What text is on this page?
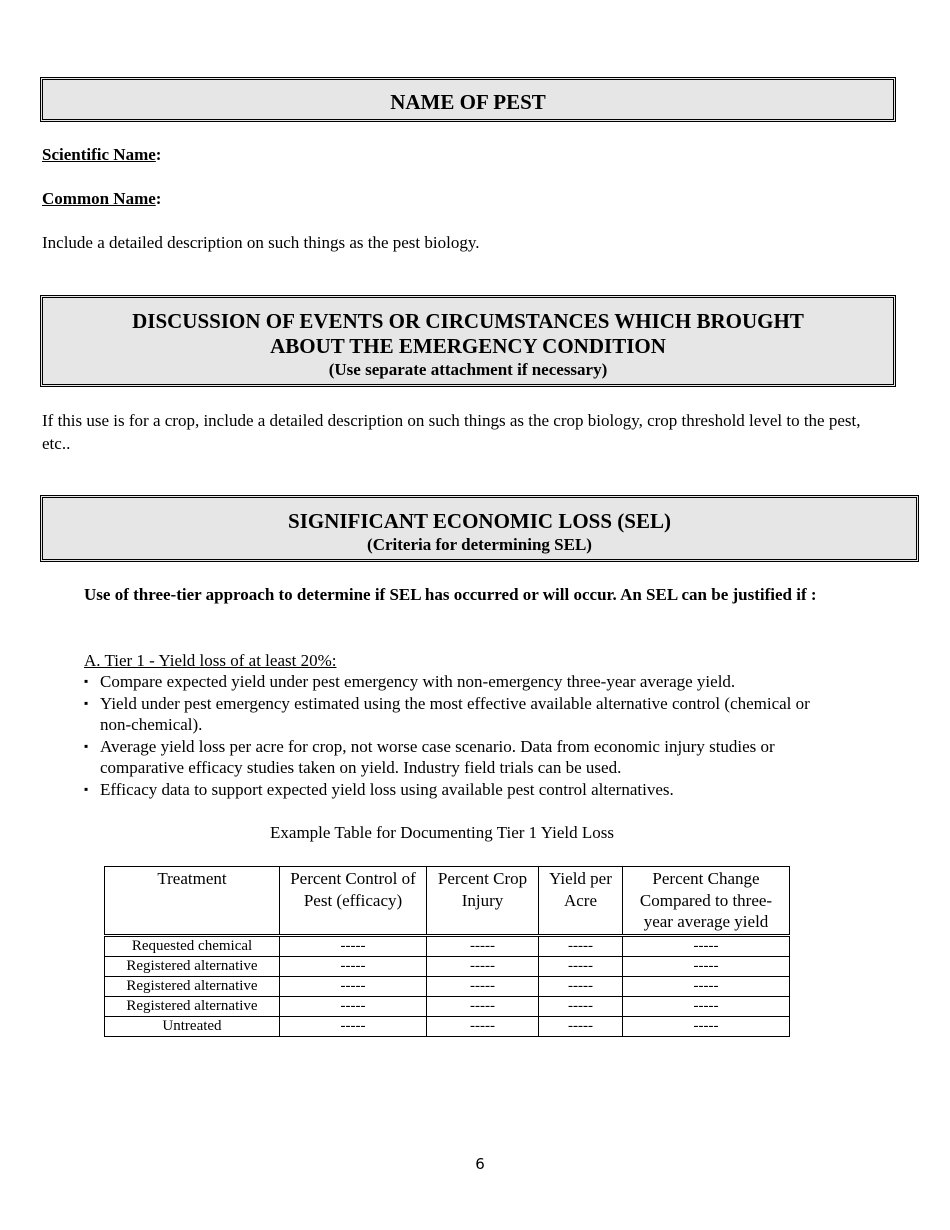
NAME OF PEST
Scientific Name:
Common Name:
Include a detailed description on such things as the pest biology.
DISCUSSION OF EVENTS OR CIRCUMSTANCES WHICH BROUGHT
ABOUT THE EMERGENCY CONDITION
(Use separate attachment if necessary)
If this use is for a crop, include a detailed description on such things as the crop biology, crop threshold level to the pest, etc..
SIGNIFICANT ECONOMIC LOSS (SEL)
(Criteria for determining SEL)
Use of three-tier approach to determine if SEL has occurred or will occur. An SEL can be justified if :
A. Tier 1 - Yield loss of at least 20%:
▪ Compare expected yield under pest emergency with non-emergency three-year average yield.
▪ Yield under pest emergency estimated using the most effective available alternative control (chemical or non-chemical).
▪ Average yield loss per acre for crop, not worse case scenario. Data from economic injury studies or comparative efficacy studies taken on yield. Industry field trials can be used.
▪ Efficacy data to support expected yield loss using available pest control alternatives.
Example Table for Documenting Tier 1 Yield Loss
Treatment	Percent Control of Pest (efficacy)	Percent Crop Injury	Yield per Acre	Percent Change Compared to three-year average yield
Requested chemical	-----	-----	-----	-----
Registered alternative	-----	-----	-----	-----
Registered alternative	-----	-----	-----	-----
Registered alternative	-----	-----	-----	-----
Untreated	-----	-----	-----	-----
6
